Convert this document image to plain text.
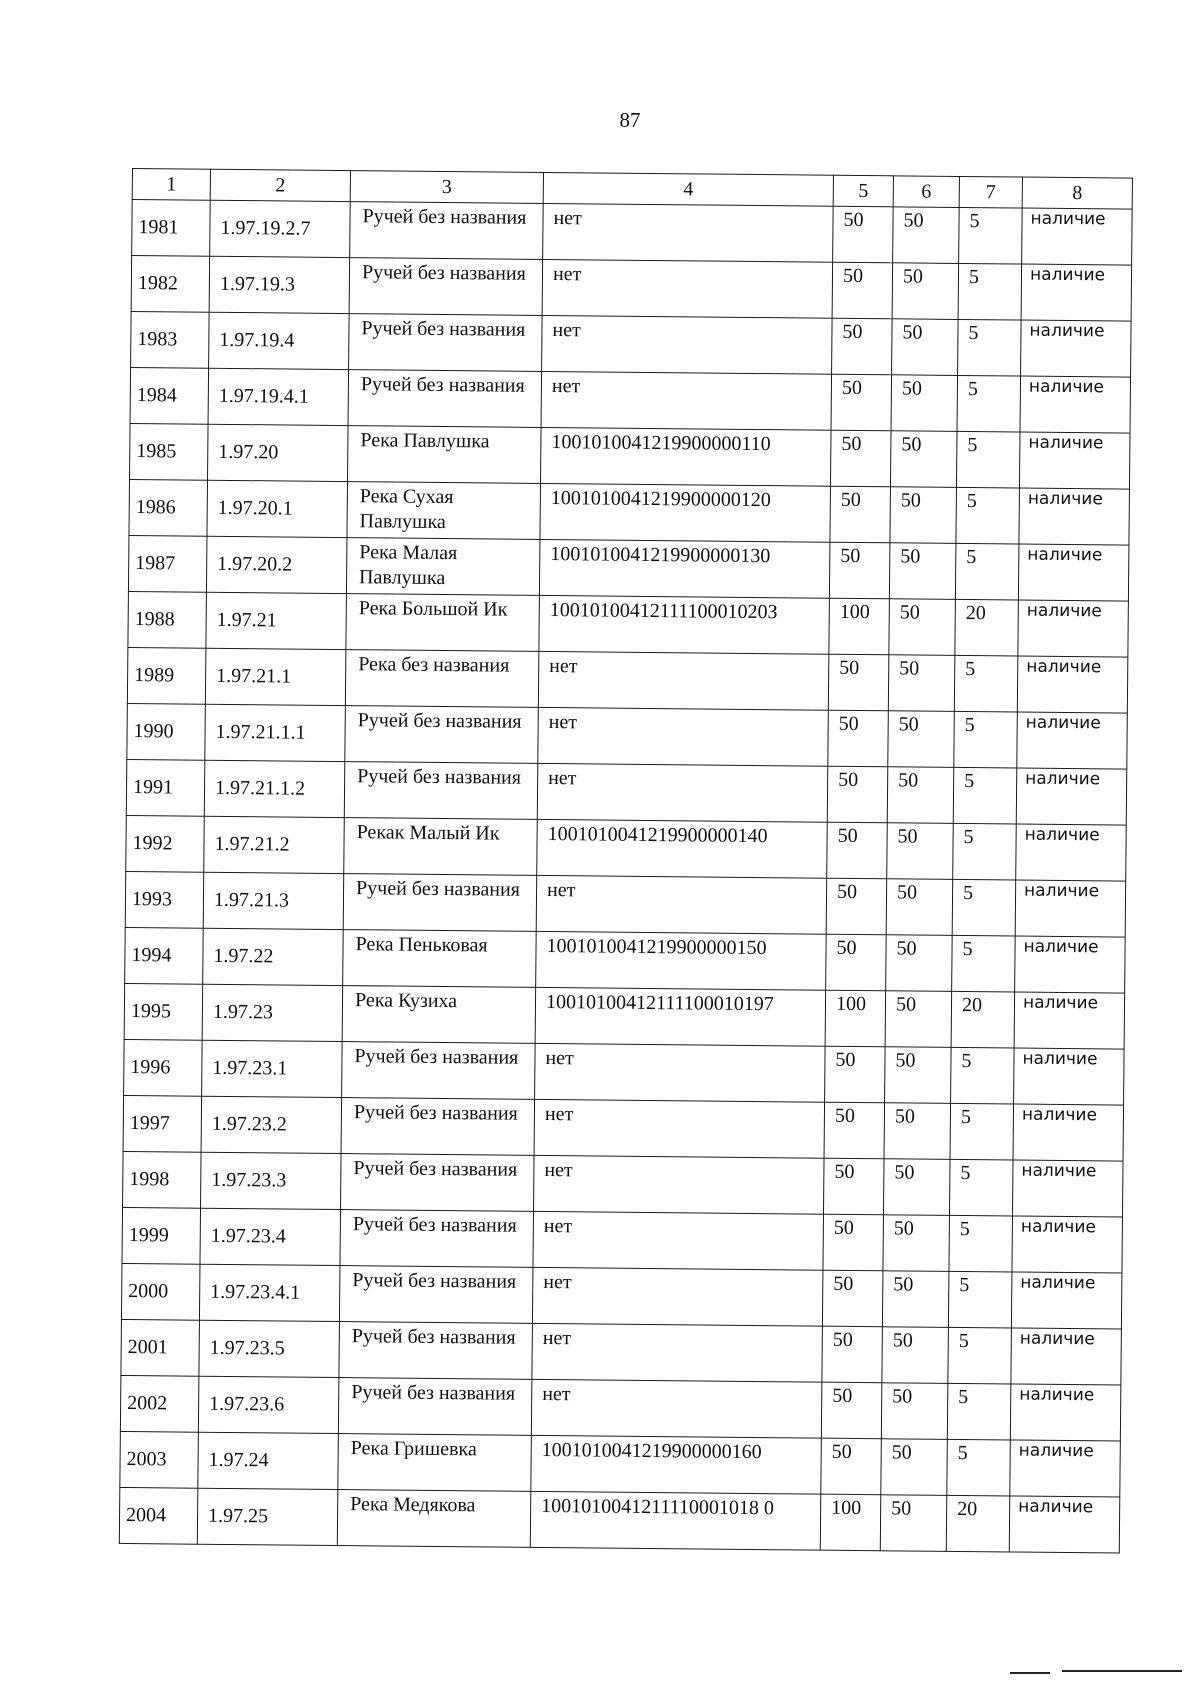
87
1	2	3	4	5	6	7	8
1981	1.97.19.2.7	Ручей без названия	нет	50	50	5	наличие
1982	1.97.19.3	Ручей без названия	нет	50	50	5	наличие
1983	1.97.19.4	Ручей без названия	нет	50	50	5	наличие
1984	1.97.19.4.1	Ручей без названия	нет	50	50	5	наличие
1985	1.97.20	Река Павлушка	1001010041219900000110	50	50	5	наличие
1986	1.97.20.1	Река Сухая Павлушка	1001010041219900000120	50	50	5	наличие
1987	1.97.20.2	Река Малая Павлушка	1001010041219900000130	50	50	5	наличие
1988	1.97.21	Река Большой Ик	1001010041211110001020З	100	50	20	наличие
1989	1.97.21.1	Река без названия	нет	50	50	5	наличие
1990	1.97.21.1.1	Ручей без названия	нет	50	50	5	наличие
1991	1.97.21.1.2	Ручей без названия	нет	50	50	5	наличие
1992	1.97.21.2	Рекак Малый Ик	1001010041219900000140	50	50	5	наличие
1993	1.97.21.3	Ручей без названия	нет	50	50	5	наличие
1994	1.97.22	Река Пеньковая	1001010041219900000150	50	50	5	наличие
1995	1.97.23	Река Кузиха	10010100412111100010197	100	50	20	наличие
1996	1.97.23.1	Ручей без названия	нет	50	50	5	наличие
1997	1.97.23.2	Ручей без названия	нет	50	50	5	наличие
1998	1.97.23.3	Ручей без названия	нет	50	50	5	наличие
1999	1.97.23.4	Ручей без названия	нет	50	50	5	наличие
2000	1.97.23.4.1	Ручей без названия	нет	50	50	5	наличие
2001	1.97.23.5	Ручей без названия	нет	50	50	5	наличие
2002	1.97.23.6	Ручей без названия	нет	50	50	5	наличие
2003	1.97.24	Река Гришевка	1001010041219900000160	50	50	5	наличие
2004	1.97.25	Река Медякова	1001010041211110001018 0	100	50	20	наличие
